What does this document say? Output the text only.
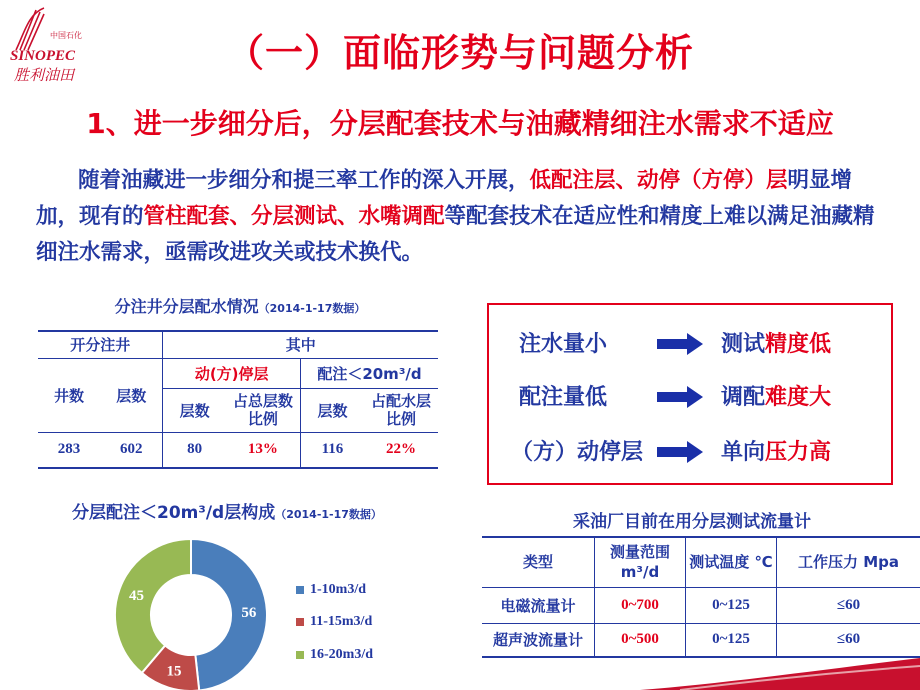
中国石化
SINOPEC
胜利油田	（一）面临形势与问题分析
1、进一步细分后，分层配套技术与油藏精细注水需求不适应
随着油藏进一步细分和提三率工作的深入开展，低配注层、动停（方停）层明显增加，现有的管柱配套、分层测试、水嘴调配等配套技术在适应性和精度上难以满足油藏精细注水需求，亟需改进攻关或技术换代。
分注井分层配水情况（2014-1-17数据）
开分注井		其中			
井数	层数	动(方)停层		配注＜20m³/d	
		层数	占总层数比例	层数	占配水层比例
283	602	80	13%	116	22%
注水量小	测试精度低
配注量低	调配难度大
（方）动停层	单向压力高
采油厂目前在用分层测试流量计
类型	测量范围 m³/d	测试温度 ℃	工作压力 Mpa
电磁流量计	0~700	0~125	≤60
超声波流量计	0~500	0~125	≤60
分层配注＜20m³/d层构成（2014-1-17数据）
56
15
45	1-10m3/d
11-15m3/d
16-20m3/d
